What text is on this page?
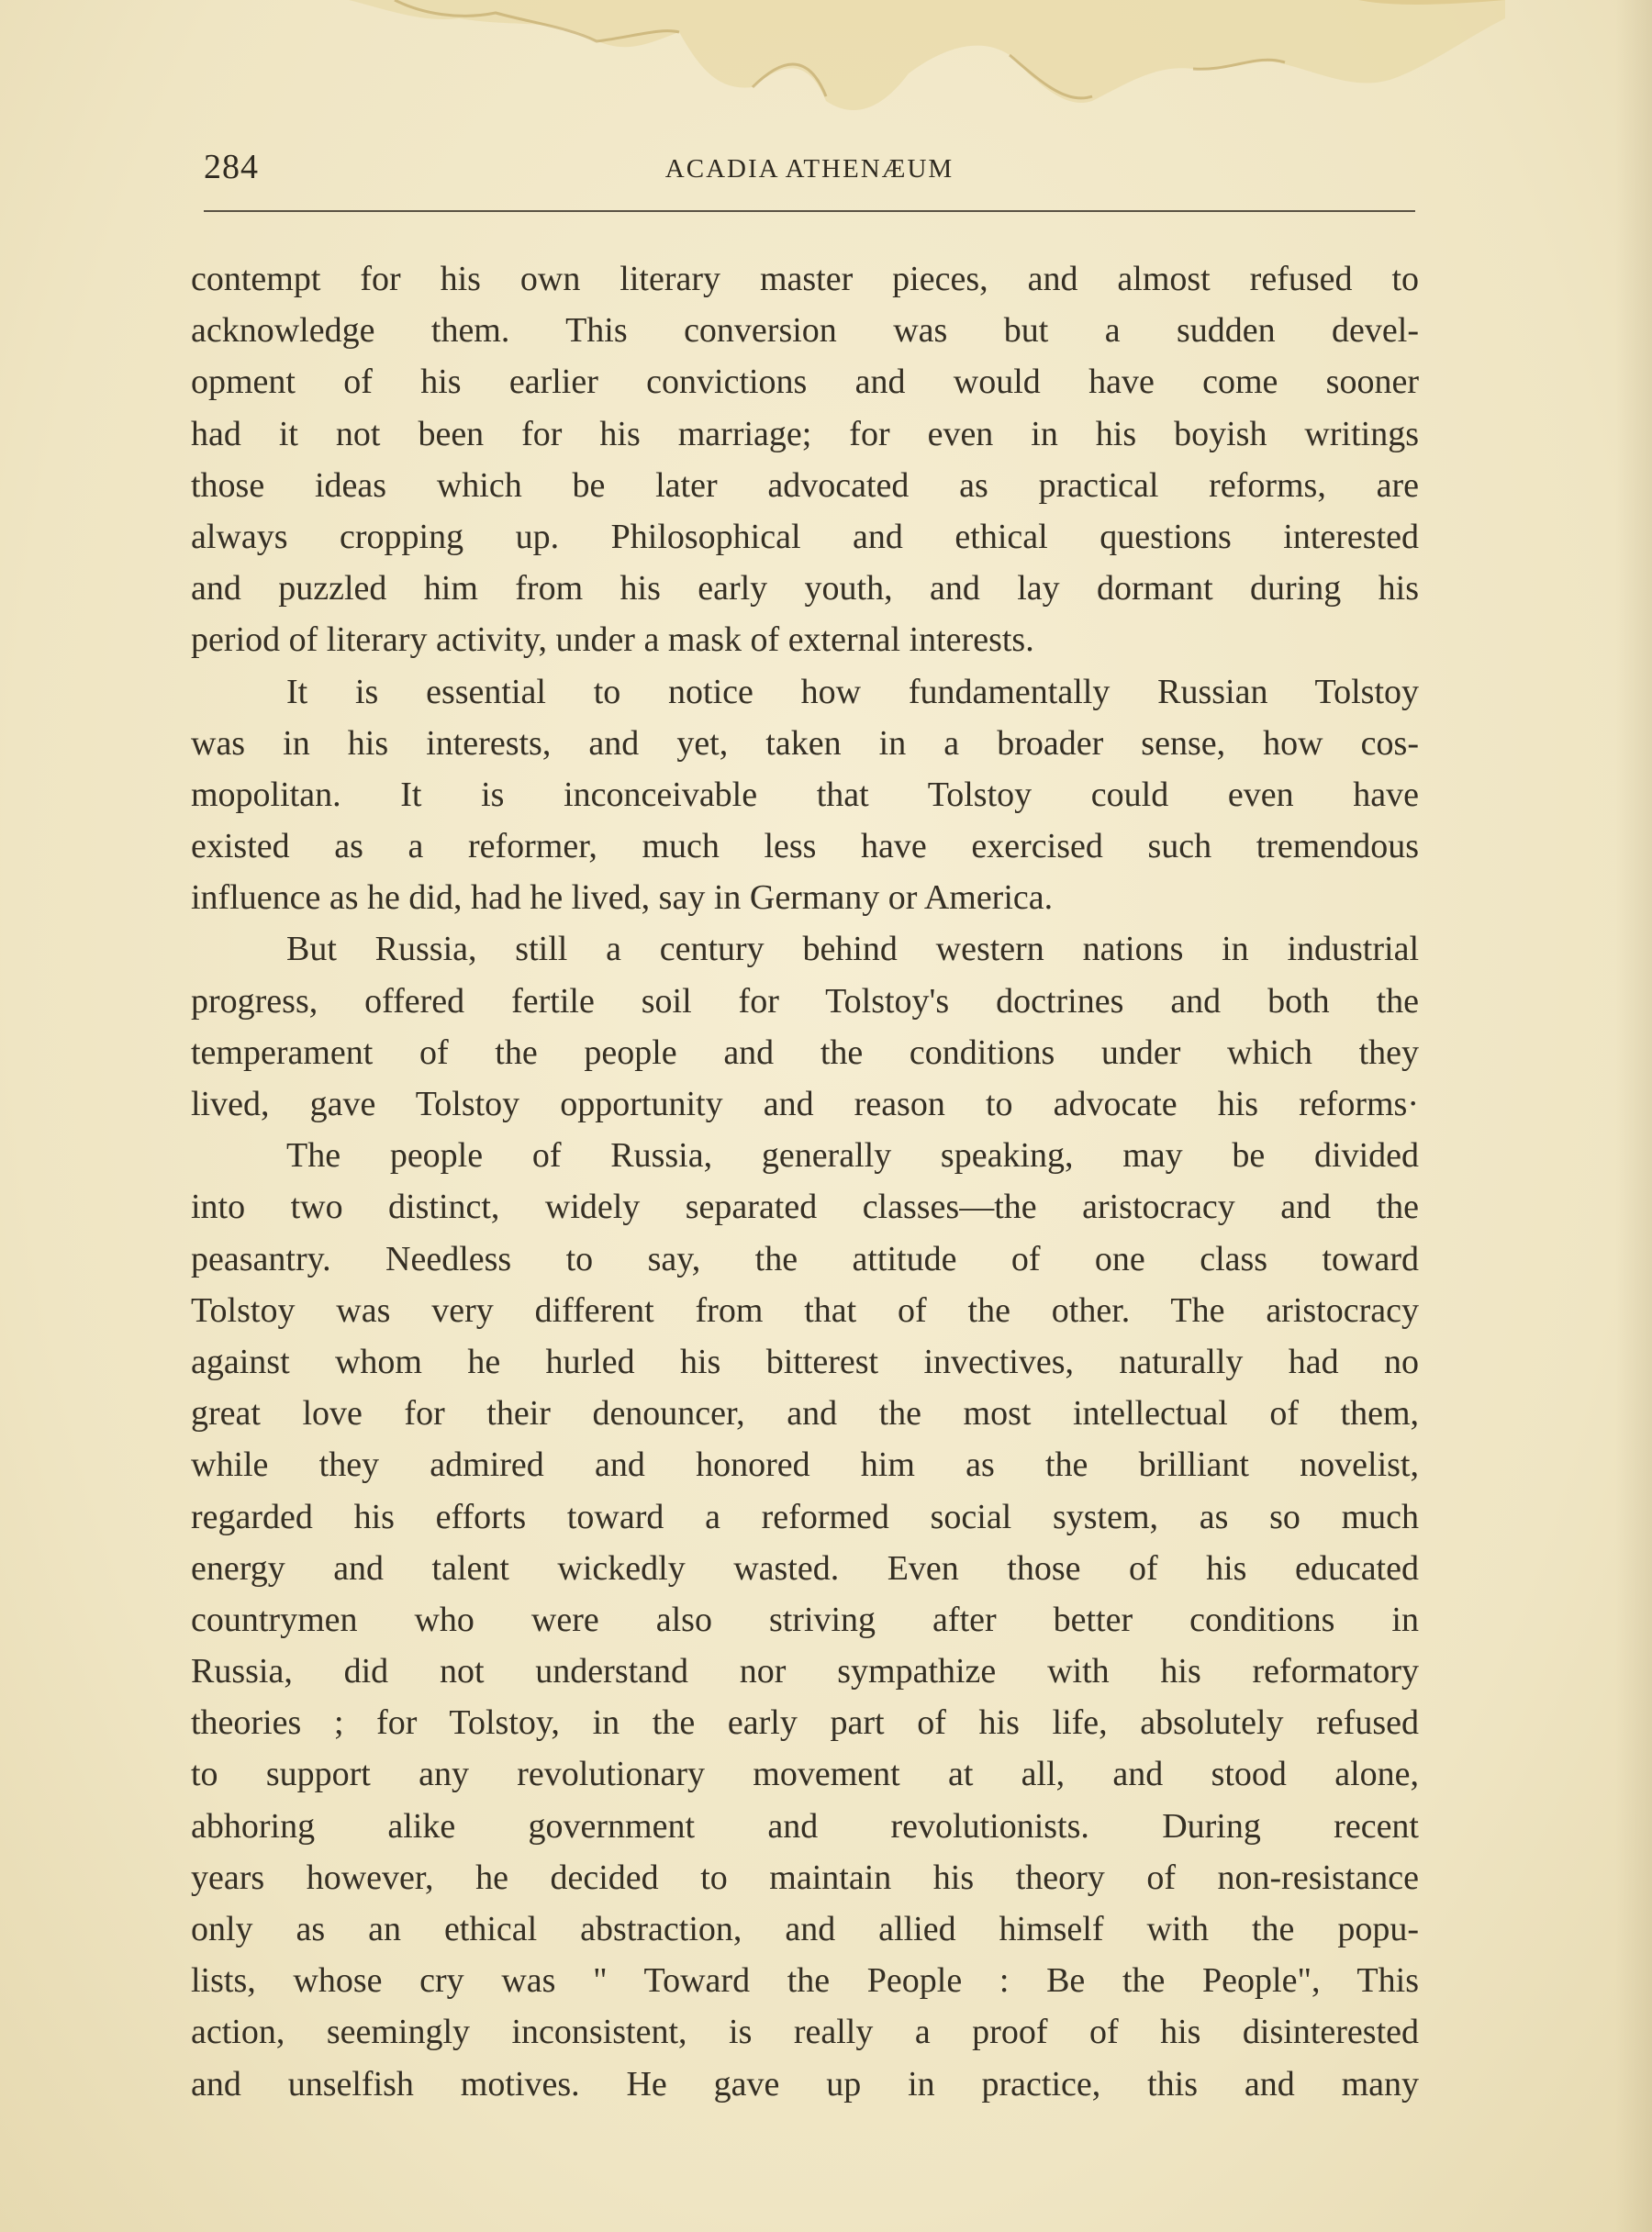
284	ACADIA ATHENÆUM
contempt for his own literary master pieces, and almost refused to
acknowledge them. This conversion was but a sudden devel-
opment of his earlier convictions and would have come sooner
had it not been for his marriage; for even in his boyish writings
those ideas which be later advocated as practical reforms, are
always cropping up. Philosophical and ethical questions interested
and puzzled him from his early youth, and lay dormant during his
period of literary activity, under a mask of external interests.
It is essential to notice how fundamentally Russian Tolstoy
was in his interests, and yet, taken in a broader sense, how cos-
mopolitan. It is inconceivable that Tolstoy could even have
existed as a reformer, much less have exercised such tremendous
influence as he did, had he lived, say in Germany or America.
But Russia, still a century behind western nations in industrial
progress, offered fertile soil for Tolstoy's doctrines and both the
temperament of the people and the conditions under which they
lived, gave Tolstoy opportunity and reason to advocate his reforms·
The people of Russia, generally speaking, may be divided
into two distinct, widely separated classes—the aristocracy and the
peasantry. Needless to say, the attitude of one class toward
Tolstoy was very different from that of the other. The aristocracy
against whom he hurled his bitterest invectives, naturally had no
great love for their denouncer, and the most intellectual of them,
while they admired and honored him as the brilliant novelist,
regarded his efforts toward a reformed social system, as so much
energy and talent wickedly wasted. Even those of his educated
countrymen who were also striving after better conditions in
Russia, did not understand nor sympathize with his reformatory
theories ; for Tolstoy, in the early part of his life, absolutely refused
to support any revolutionary movement at all, and stood alone,
abhoring alike government and revolutionists. During recent
years however, he decided to maintain his theory of non-resistance
only as an ethical abstraction, and allied himself with the popu-
lists, whose cry was " Toward the People : Be the People", This
action, seemingly inconsistent, is really a proof of his disinterested
and unselfish motives. He gave up in practice, this and many
